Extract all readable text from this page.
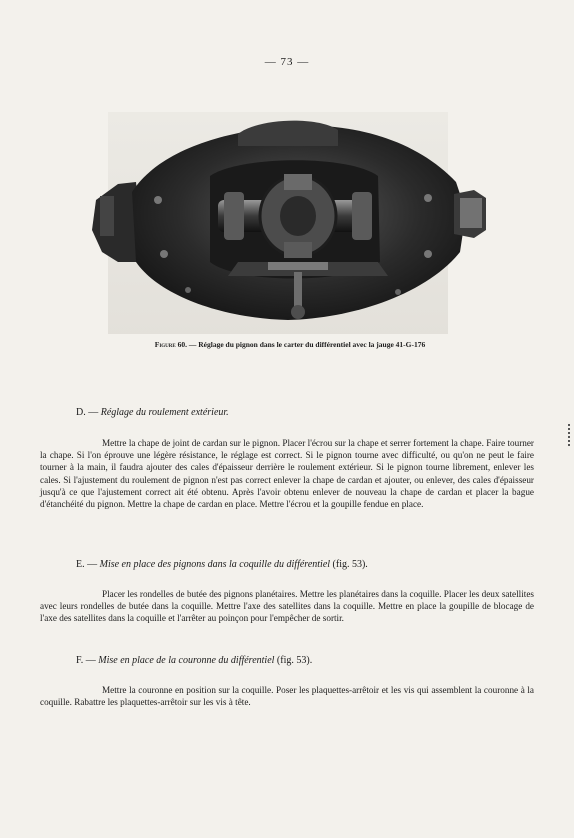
— 73 —
Figure 60. — Réglage du pignon dans le carter du différentiel avec la jauge 41-G-176
D. — Réglage du roulement extérieur.
Mettre la chape de joint de cardan sur le pignon. Placer l'écrou sur la chape et serrer fortement la chape. Faire tourner la chape. Si l'on éprouve une légère résistance, le réglage est correct. Si le pignon tourne avec difficulté, ou qu'on ne peut le faire tourner à la main, il faudra ajouter des cales d'épaisseur derrière le roulement extérieur. Si le pignon tourne librement, enlever les cales. Si l'ajustement du roulement de pignon n'est pas correct enlever la chape de cardan et ajouter, ou enlever, des cales d'épaisseur jusqu'à ce que l'ajustement correct ait été obtenu. Après l'avoir obtenu enlever de nouveau la chape de cardan et placer la bague d'étanchéité du pignon. Mettre la chape de cardan en place. Mettre l'écrou et la goupille fendue en place.
E. — Mise en place des pignons dans la coquille du différentiel (fig. 53).
Placer les rondelles de butée des pignons planétaires. Mettre les planétaires dans la coquille. Placer les deux satellites avec leurs rondelles de butée dans la coquille. Mettre l'axe des satellites dans la coquille. Mettre en place la goupille de blocage de l'axe des satellites dans la coquille et l'arrêter au poinçon pour l'empêcher de sortir.
F. — Mise en place de la couronne du différentiel (fig. 53).
Mettre la couronne en position sur la coquille. Poser les plaquettes-arrêtoir et les vis qui assemblent la couronne à la coquille. Rabattre les plaquettes-arrêtoir sur les vis à tête.
